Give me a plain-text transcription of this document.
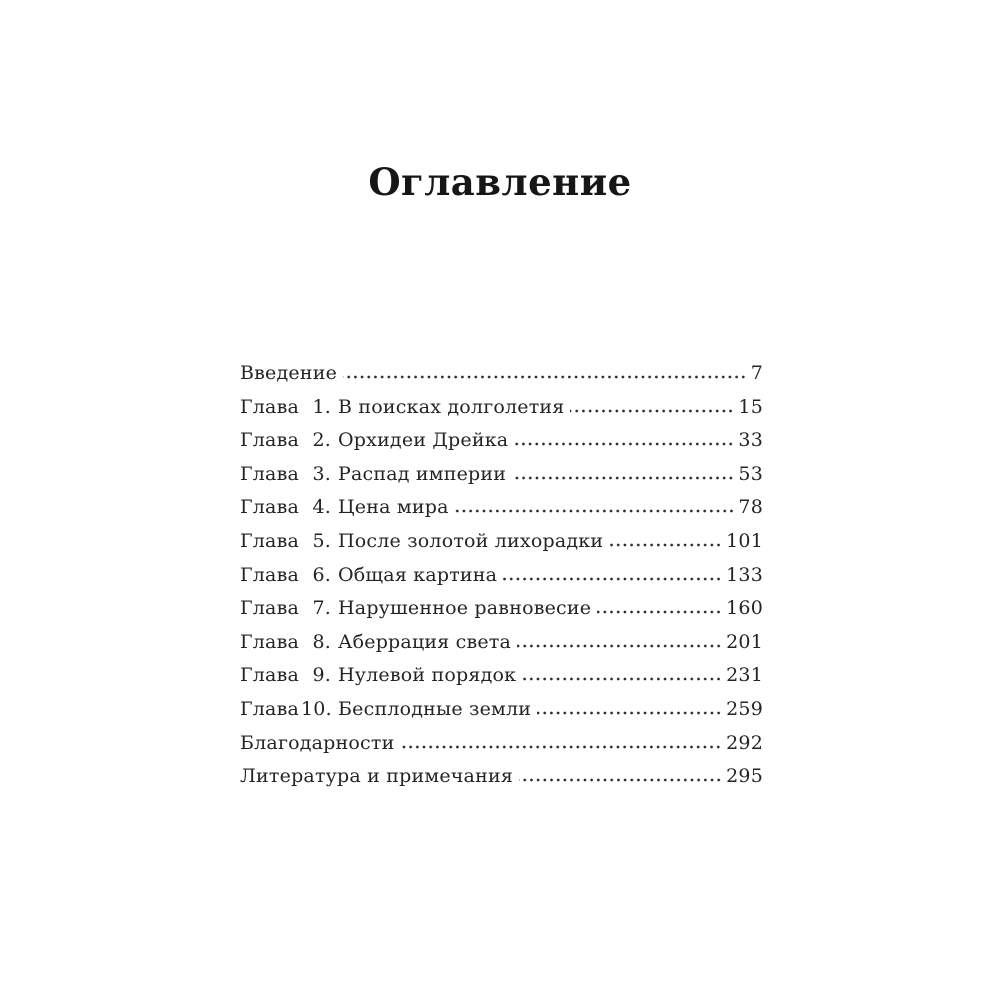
Оглавление
Введение	7
Глава 1. В поисках долголетия	15
Глава 2. Орхидеи Дрейка	33
Глава 3. Распад империи	53
Глава 4. Цена мира	78
Глава 5. После золотой лихорадки	101
Глава 6. Общая картина	133
Глава 7. Нарушенное равновесие	160
Глава 8. Аберрация света	201
Глава 9. Нулевой порядок	231
Глава 10. Бесплодные земли	259
Благодарности	292
Литература и примечания	295
